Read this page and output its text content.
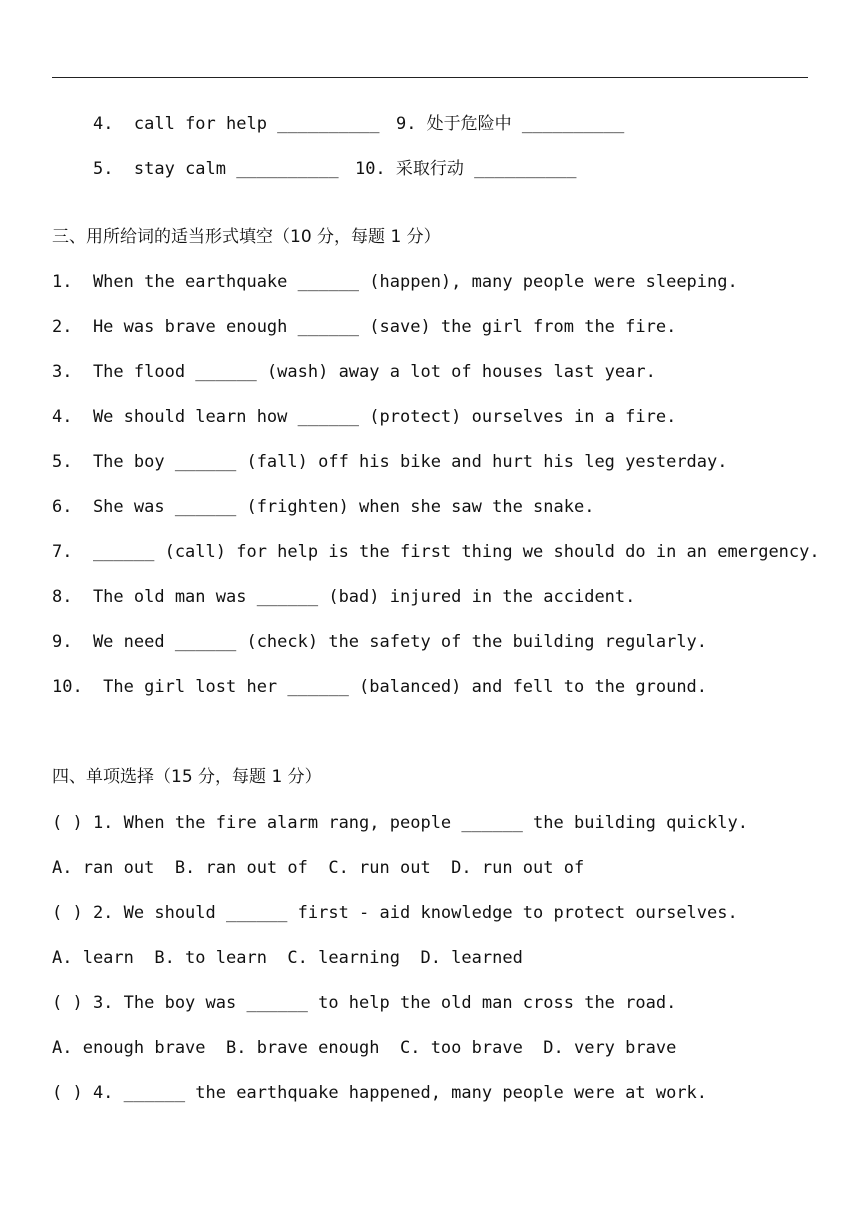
4.  call for help __________
9. 处于危险中 __________

5.  stay calm __________
10. 采取行动 __________

三、用所给词的适当形式填空（10 分，每题 1 分）
1.  When the earthquake ______ (happen), many people were sleeping.
2.  He was brave enough ______ (save) the girl from the fire.
3.  The flood ______ (wash) away a lot of houses last year.
4.  We should learn how ______ (protect) ourselves in a fire.
5.  The boy ______ (fall) off his bike and hurt his leg yesterday.
6.  She was ______ (frighten) when she saw the snake.
7.  ______ (call) for help is the first thing we should do in an emergency.
8.  The old man was ______ (bad) injured in the accident.
9.  We need ______ (check) the safety of the building regularly.
10.  The girl lost her ______ (balanced) and fell to the ground.
四、单项选择（15 分，每题 1 分）
( ) 1. When the fire alarm rang, people ______ the building quickly.
A. ran out  B. ran out of  C. run out  D. run out of
( ) 2. We should ______ first - aid knowledge to protect ourselves.
A. learn  B. to learn  C. learning  D. learned
( ) 3. The boy was ______ to help the old man cross the road.
A. enough brave  B. brave enough  C. too brave  D. very brave
( ) 4. ______ the earthquake happened, many people were at work.
